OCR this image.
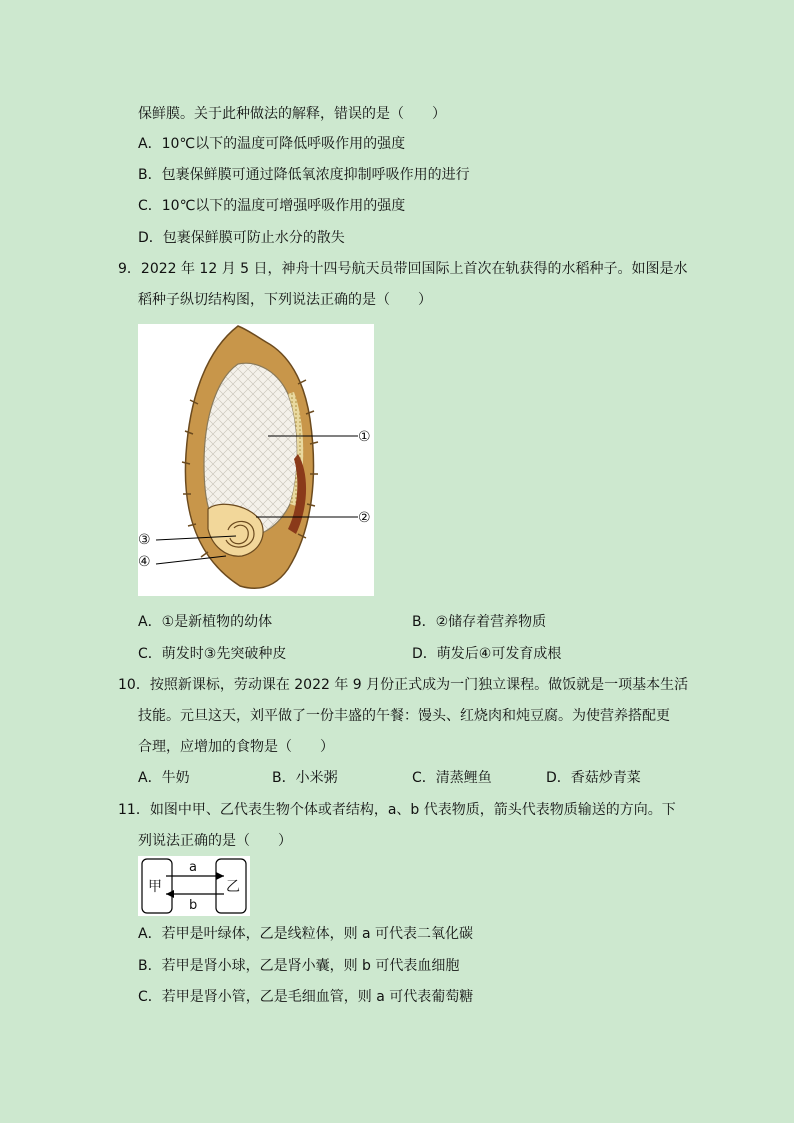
保鲜膜。关于此种做法的解释，错误的是（　　）
A．10℃以下的温度可降低呼吸作用的强度
B．包裹保鲜膜可通过降低氧浓度抑制呼吸作用的进行
C．10℃以下的温度可增强呼吸作用的强度
D．包裹保鲜膜可防止水分的散失
9．2022 年 12 月 5 日，神舟十四号航天员带回国际上首次在轨获得的水稻种子。如图是水
稻种子纵切结构图，下列说法正确的是（　　）
①
②
③
④
A．①是新植物的幼体	B．②储存着营养物质
C．萌发时③先突破种皮	D．萌发后④可发育成根
10．按照新课标，劳动课在 2022 年 9 月份正式成为一门独立课程。做饭就是一项基本生活
技能。元旦这天，刘平做了一份丰盛的午餐：馒头、红烧肉和炖豆腐。为使营养搭配更
合理，应增加的食物是（　　）
A．牛奶	B．小米粥	C．清蒸鲤鱼	D．香菇炒青菜
11．如图中甲、乙代表生物个体或者结构，a、b 代表物质，箭头代表物质输送的方向。下
列说法正确的是（　　）
甲	乙
a
b
A．若甲是叶绿体，乙是线粒体，则 a 可代表二氧化碳
B．若甲是肾小球，乙是肾小囊，则 b 可代表血细胞
C．若甲是肾小管，乙是毛细血管，则 a 可代表葡萄糖
